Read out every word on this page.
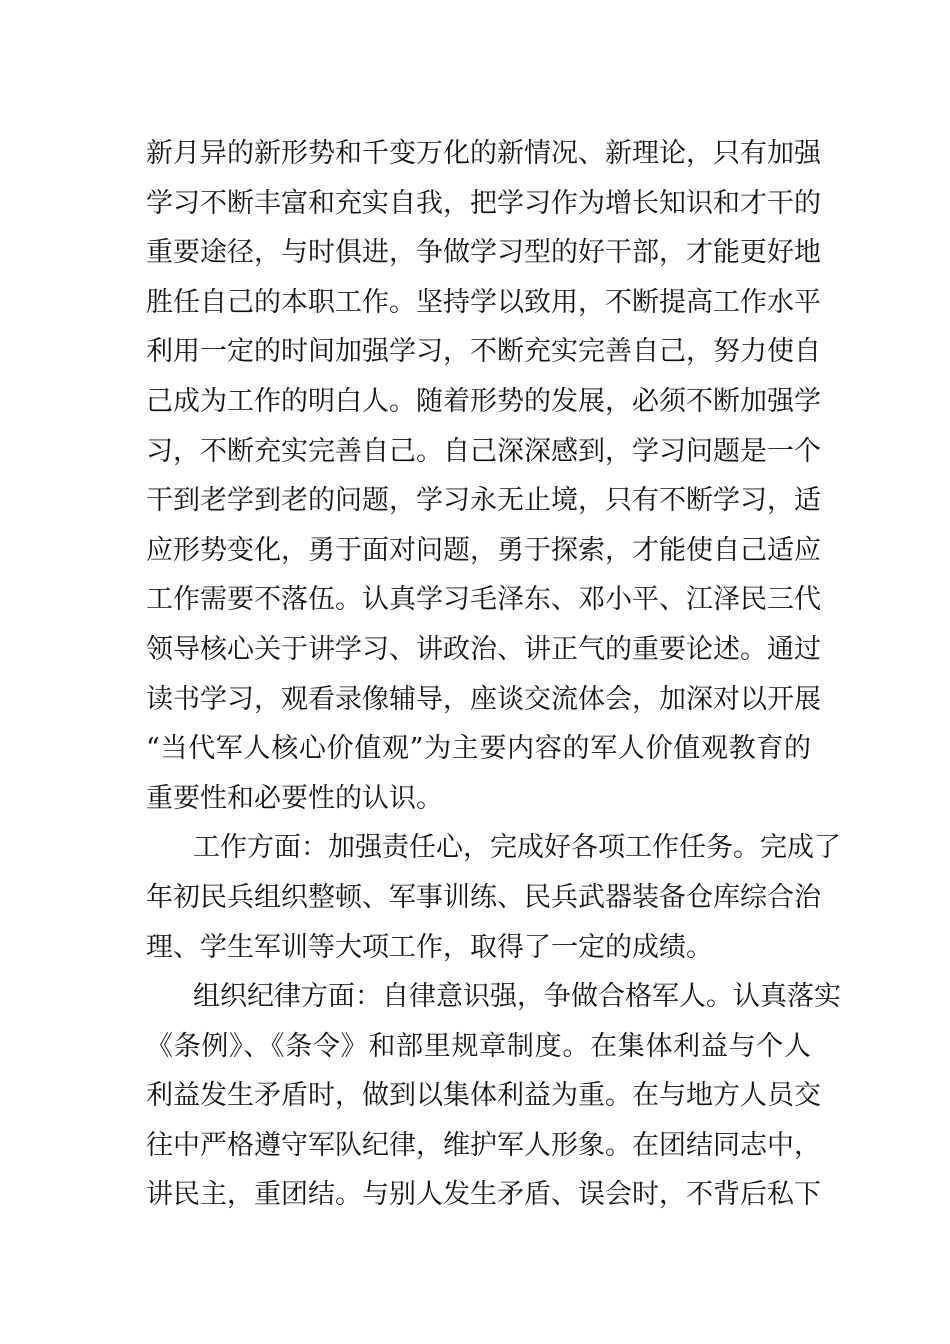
新月异的新形势和千变万化的新情况、新理论，只有加强
学习不断丰富和充实自我，把学习作为增长知识和才干的
重要途径，与时俱进，争做学习型的好干部，才能更好地
胜任自己的本职工作。坚持学以致用，不断提高工作水平
利用一定的时间加强学习，不断充实完善自己，努力使自
己成为工作的明白人。随着形势的发展，必须不断加强学
习，不断充实完善自己。自己深深感到，学习问题是一个
干到老学到老的问题，学习永无止境，只有不断学习，适
应形势变化，勇于面对问题，勇于探索，才能使自己适应
工作需要不落伍。认真学习毛泽东、邓小平、江泽民三代
领导核心关于讲学习、讲政治、讲正气的重要论述。通过
读书学习，观看录像辅导，座谈交流体会，加深对以开展
“当代军人核心价值观”为主要内容的军人价值观教育的
重要性和必要性的认识。
工作方面：加强责任心，完成好各项工作任务。完成了
年初民兵组织整顿、军事训练、民兵武器装备仓库综合治
理、学生军训等大项工作，取得了一定的成绩。
组织纪律方面：自律意识强，争做合格军人。认真落实
《条例》、《条令》和部里规章制度。在集体利益与个人
利益发生矛盾时，做到以集体利益为重。在与地方人员交
往中严格遵守军队纪律，维护军人形象。在团结同志中，
讲民主，重团结。与别人发生矛盾、误会时，不背后私下
